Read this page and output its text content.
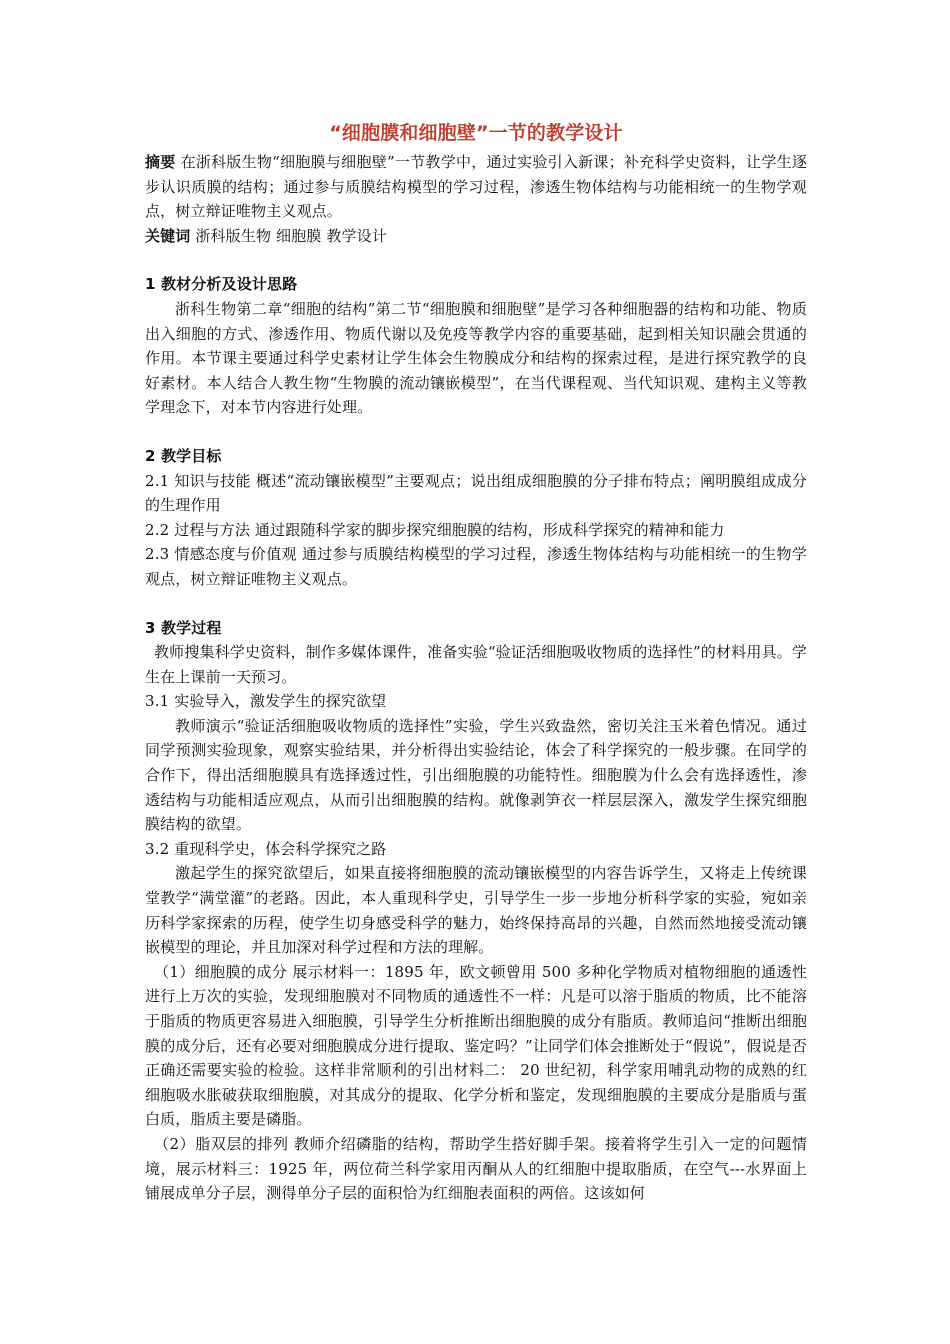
“细胞膜和细胞壁”一节的教学设计

摘要 在浙科版生物“细胞膜与细胞壁”一节教学中，通过实验引入新课；补充科学史资料，让学生逐步认识质膜的结构；通过参与质膜结构模型的学习过程，渗透生物体结构与功能相统一的生物学观点，树立辩证唯物主义观点。

关键词 浙科版生物 细胞膜 教学设计

1 教材分析及设计思路

浙科生物第二章“细胞的结构”第二节“细胞膜和细胞壁”是学习各种细胞器的结构和功能、物质出入细胞的方式、渗透作用、物质代谢以及免疫等教学内容的重要基础，起到相关知识融会贯通的作用。本节课主要通过科学史素材让学生体会生物膜成分和结构的探索过程，是进行探究教学的良好素材。本人结合人教生物“生物膜的流动镶嵌模型”，在当代课程观、当代知识观、建构主义等教学理念下，对本节内容进行处理。

2 教学目标

2.1 知识与技能 概述“流动镶嵌模型”主要观点；说出组成细胞膜的分子排布特点；阐明膜组成成分的生理作用

2.2 过程与方法 通过跟随科学家的脚步探究细胞膜的结构，形成科学探究的精神和能力

2.3 情感态度与价值观 通过参与质膜结构模型的学习过程，渗透生物体结构与功能相统一的生物学观点，树立辩证唯物主义观点。

3 教学过程

教师搜集科学史资料，制作多媒体课件，准备实验“验证活细胞吸收物质的选择性”的材料用具。学生在上课前一天预习。

3.1 实验导入，激发学生的探究欲望

教师演示“验证活细胞吸收物质的选择性”实验，学生兴致盎然，密切关注玉米着色情况。通过同学预测实验现象，观察实验结果，并分析得出实验结论，体会了科学探究的一般步骤。在同学的合作下，得出活细胞膜具有选择透过性，引出细胞膜的功能特性。细胞膜为什么会有选择透性，渗透结构与功能相适应观点，从而引出细胞膜的结构。就像剥笋衣一样层层深入，激发学生探究细胞膜结构的欲望。

3.2 重现科学史，体会科学探究之路

激起学生的探究欲望后，如果直接将细胞膜的流动镶嵌模型的内容告诉学生，又将走上传统课堂教学“满堂灌”的老路。因此，本人重现科学史，引导学生一步一步地分析科学家的实验，宛如亲历科学家探索的历程，使学生切身感受科学的魅力，始终保持高昂的兴趣，自然而然地接受流动镶嵌模型的理论，并且加深对科学过程和方法的理解。

（1）细胞膜的成分 展示材料一：1895 年，欧文顿曾用 500 多种化学物质对植物细胞的通透性进行上万次的实验，发现细胞膜对不同物质的通透性不一样：凡是可以溶于脂质的物质，比不能溶于脂质的物质更容易进入细胞膜，引导学生分析推断出细胞膜的成分有脂质。教师追问“推断出细胞膜的成分后，还有必要对细胞膜成分进行提取、鉴定吗？”让同学们体会推断处于“假说”，假说是否正确还需要实验的检验。这样非常顺利的引出材料二： 20 世纪初，科学家用哺乳动物的成熟的红细胞吸水胀破获取细胞膜，对其成分的提取、化学分析和鉴定，发现细胞膜的主要成分是脂质与蛋白质，脂质主要是磷脂。

（2）脂双层的排列 教师介绍磷脂的结构，帮助学生搭好脚手架。接着将学生引入一定的问题情境，展示材料三：1925 年，两位荷兰科学家用丙酮从人的红细胞中提取脂质，在空气---水界面上铺展成单分子层，测得单分子层的面积恰为红细胞表面积的两倍。这该如何
